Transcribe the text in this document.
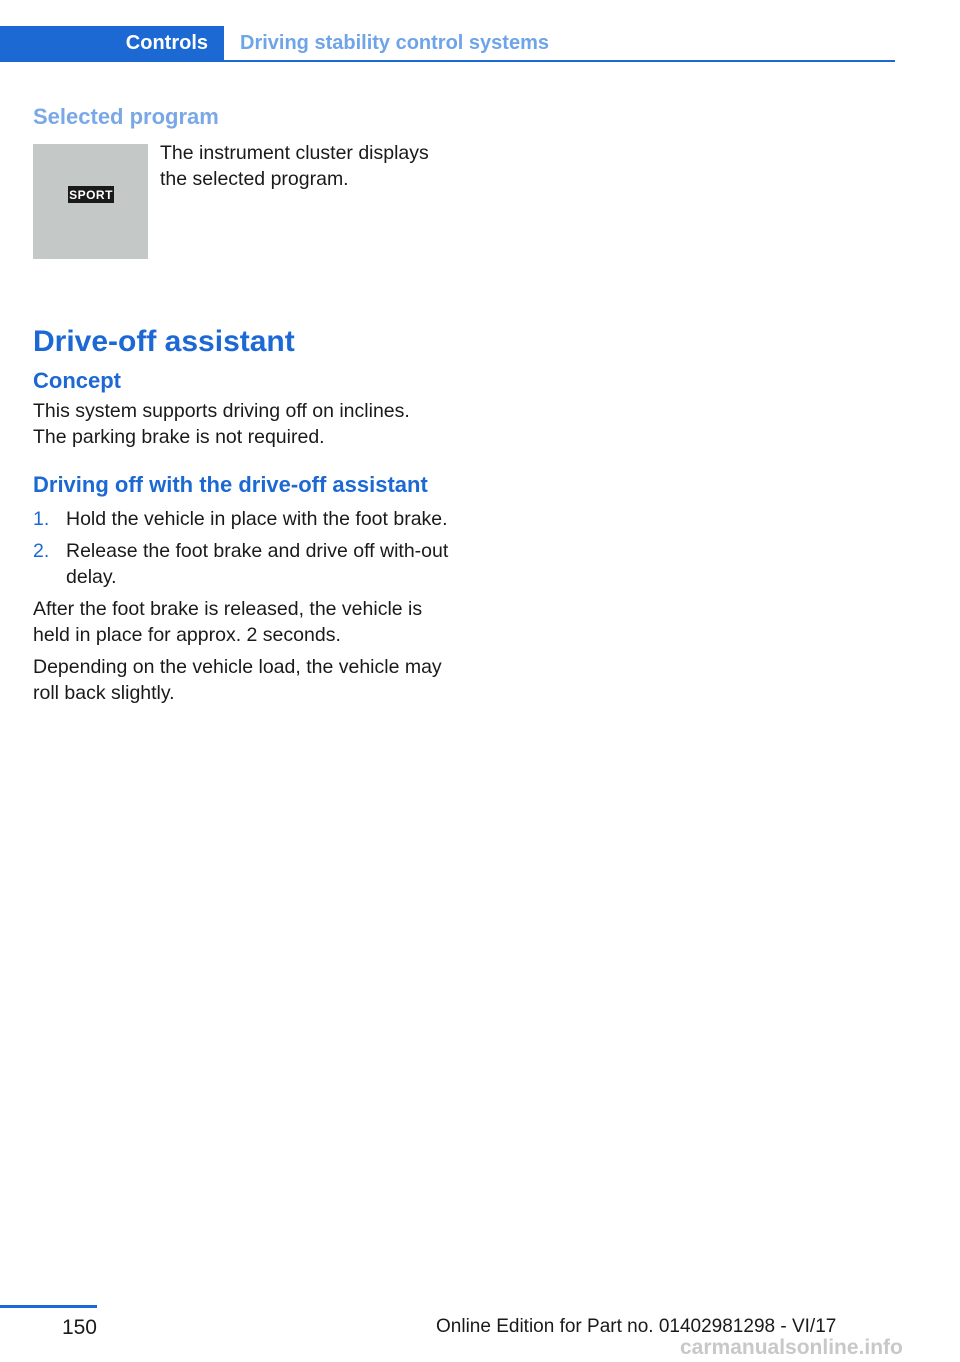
Controls	Driving stability control systems
Selected program
SPORT

The instrument cluster displays the selected program.

Drive-off assistant
Concept

This system supports driving off on inclines.

The parking brake is not required.

Driving off with the drive-off assistant
1. Hold the vehicle in place with the foot brake.
2. Release the foot brake and drive off with-out delay.

After the foot brake is released, the vehicle is held in place for approx. 2 seconds.

Depending on the vehicle load, the vehicle may roll back slightly.

150	Online Edition for Part no. 01402981298 - VI/17
carmanualsonline.info
